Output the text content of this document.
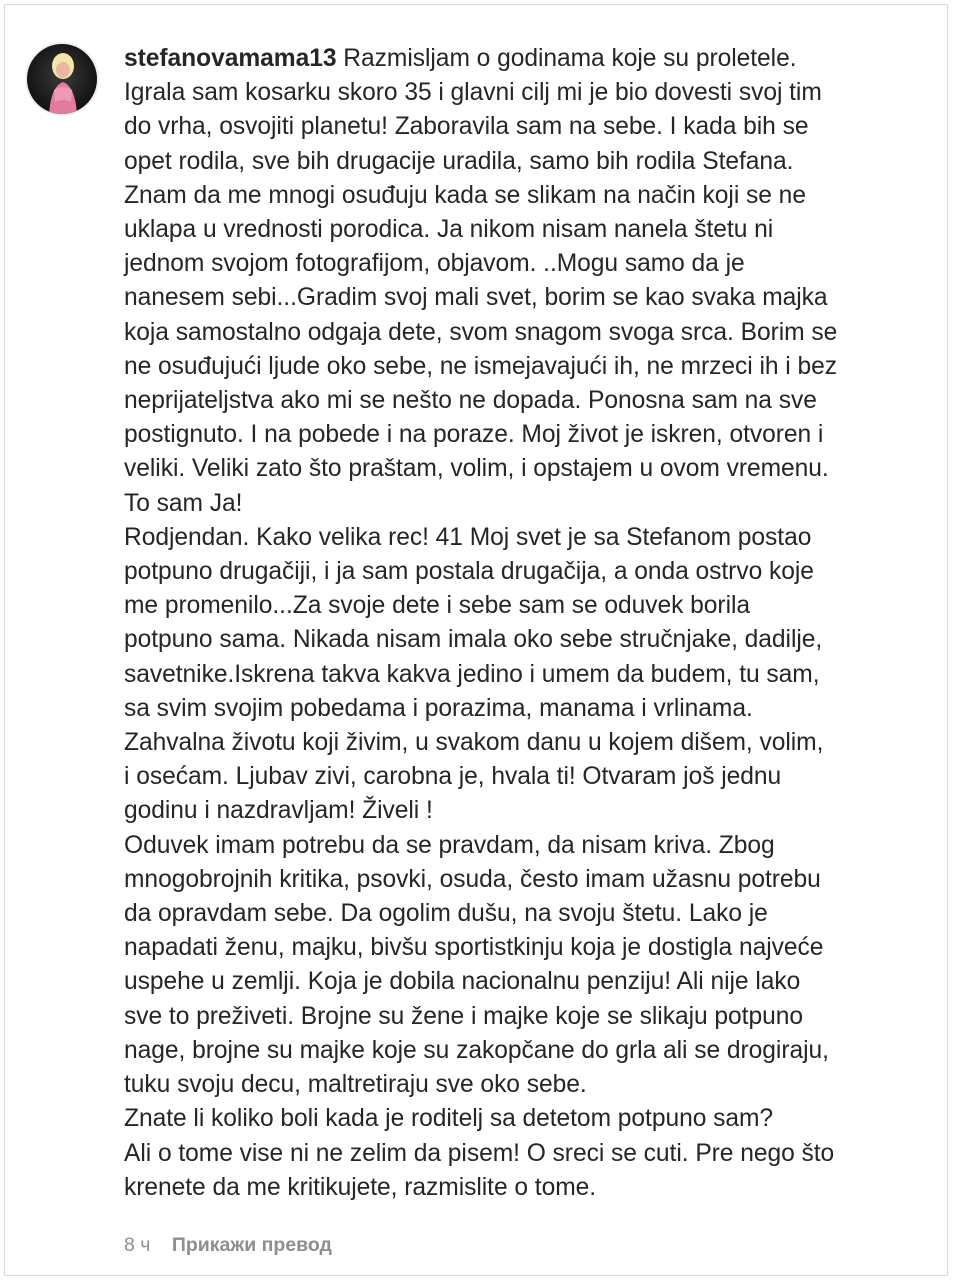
stefanovamama13 Razmisljam o godinama koje su proletele.
Igrala sam kosarku skoro 35 i glavni cilj mi je bio dovesti svoj tim
do vrha, osvojiti planetu! Zaboravila sam na sebe. I kada bih se
opet rodila, sve bih drugacije uradila, samo bih rodila Stefana.
Znam da me mnogi osuđuju kada se slikam na način koji se ne
uklapa u vrednosti porodica. Ja nikom nisam nanela štetu ni
jednom svojom fotografijom, objavom. ..Mogu samo da je
nanesem sebi...Gradim svoj mali svet, borim se kao svaka majka
koja samostalno odgaja dete, svom snagom svoga srca. Borim se
ne osuđujući ljude oko sebe, ne ismejavajući ih, ne mrzeci ih i bez
neprijateljstva ako mi se nešto ne dopada. Ponosna sam na sve
postignuto. I na pobede i na poraze. Moj život je iskren, otvoren i
veliki. Veliki zato što praštam, volim, i opstajem u ovom vremenu.
To sam Ja!
Rodjendan. Kako velika rec! 41 Moj svet je sa Stefanom postao
potpuno drugačiji, i ja sam postala drugačija, a onda ostrvo koje
me promenilo...Za svoje dete i sebe sam se oduvek borila
potpuno sama. Nikada nisam imala oko sebe stručnjake, dadilje,
savetnike.Iskrena takva kakva jedino i umem da budem, tu sam,
sa svim svojim pobedama i porazima, manama i vrlinama.
Zahvalna životu koji živim, u svakom danu u kojem dišem, volim,
i osećam. Ljubav zivi, carobna je, hvala ti! Otvaram još jednu
godinu i nazdravljam! Živeli !
Oduvek imam potrebu da se pravdam, da nisam kriva. Zbog
mnogobrojnih kritika, psovki, osuda, često imam užasnu potrebu
da opravdam sebe. Da ogolim dušu, na svoju štetu. Lako je
napadati ženu, majku, bivšu sportistkinju koja je dostigla najveće
uspehe u zemlji. Koja je dobila nacionalnu penziju! Ali nije lako
sve to preživeti. Brojne su žene i majke koje se slikaju potpuno
nage, brojne su majke koje su zakopčane do grla ali se drogiraju,
tuku svoju decu, maltretiraju sve oko sebe.
Znate li koliko boli kada je roditelj sa detetom potpuno sam?
Ali o tome vise ni ne zelim da pisem! O sreci se cuti. Pre nego što
krenete da me kritikujete, razmislite o tome.
8 ч Прикажи превод
